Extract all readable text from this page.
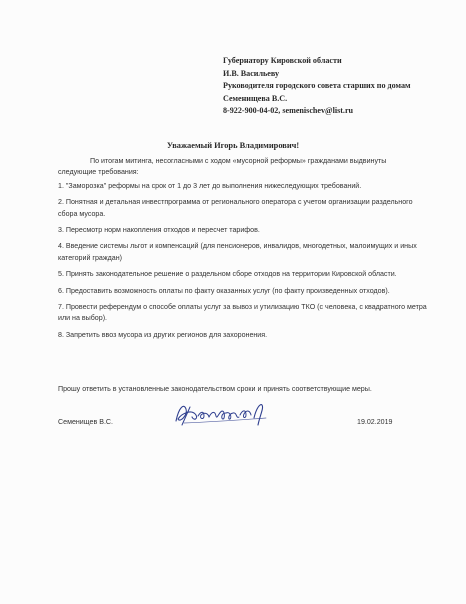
Губернатору Кировской области
И.В. Васильеву
Руководителя городского совета старших по домам
Семенищева В.С.
8-922-900-04-02, semenischev@list.ru
Уважаемый Игорь Владимирович!
По итогам митинга, несогласными с ходом «мусорной реформы» гражданами выдвинуты следующие требования:
1. "Заморозка" реформы на срок от 1 до 3 лет до выполнения нижеследующих требований.
2. Понятная и детальная инвестпрограмма от регионального оператора с учетом организации раздельного сбора мусора.
3. Пересмотр норм накопления отходов и пересчет тарифов.
4. Введение системы льгот и компенсаций (для пенсионеров, инвалидов, многодетных, малоимущих и иных категорий граждан)
5. Принять законодательное решение о раздельном сборе отходов на территории Кировской области.
6. Предоставить возможность оплаты по факту оказанных услуг (по факту произведенных отходов).
7. Провести референдум о способе оплаты услуг за вывоз и утилизацию ТКО (с человека, с квадратного метра или на выбор).
8. Запретить ввоз мусора из других регионов для захоронения.
Прошу ответить в установленные законодательством сроки и принять соответствующие меры.
Семенищев В.С.	19.02.2019
